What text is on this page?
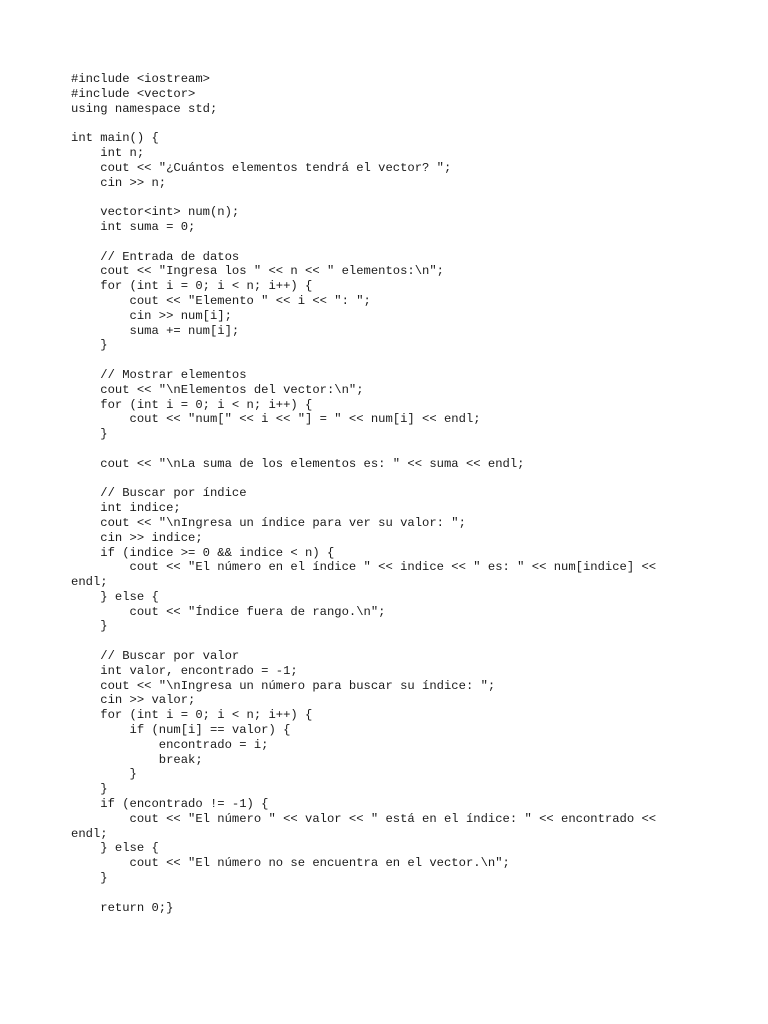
#include <iostream>
#include <vector>
using namespace std;
int main() {
int n;
cout << "¿Cuántos elementos tendrá el vector? ";
cin >> n;
vector<int> num(n);
int suma = 0;
// Entrada de datos
cout << "Ingresa los " << n << " elementos:\n";
for (int i = 0; i < n; i++) {
cout << "Elemento " << i << ": ";
cin >> num[i];
suma += num[i];
}
// Mostrar elementos
cout << "\nElementos del vector:\n";
for (int i = 0; i < n; i++) {
cout << "num[" << i << "] = " << num[i] << endl;
}
cout << "\nLa suma de los elementos es: " << suma << endl;
// Buscar por índice
int indice;
cout << "\nIngresa un índice para ver su valor: ";
cin >> indice;
if (indice >= 0 && indice < n) {
cout << "El número en el índice " << indice << " es: " << num[indice] <<
endl;
} else {
cout << "Índice fuera de rango.\n";
}
// Buscar por valor
int valor, encontrado = -1;
cout << "\nIngresa un número para buscar su índice: ";
cin >> valor;
for (int i = 0; i < n; i++) {
if (num[i] == valor) {
encontrado = i;
break;
}
}
if (encontrado != -1) {
cout << "El número " << valor << " está en el índice: " << encontrado <<
endl;
} else {
cout << "El número no se encuentra en el vector.\n";
}
return 0;}
